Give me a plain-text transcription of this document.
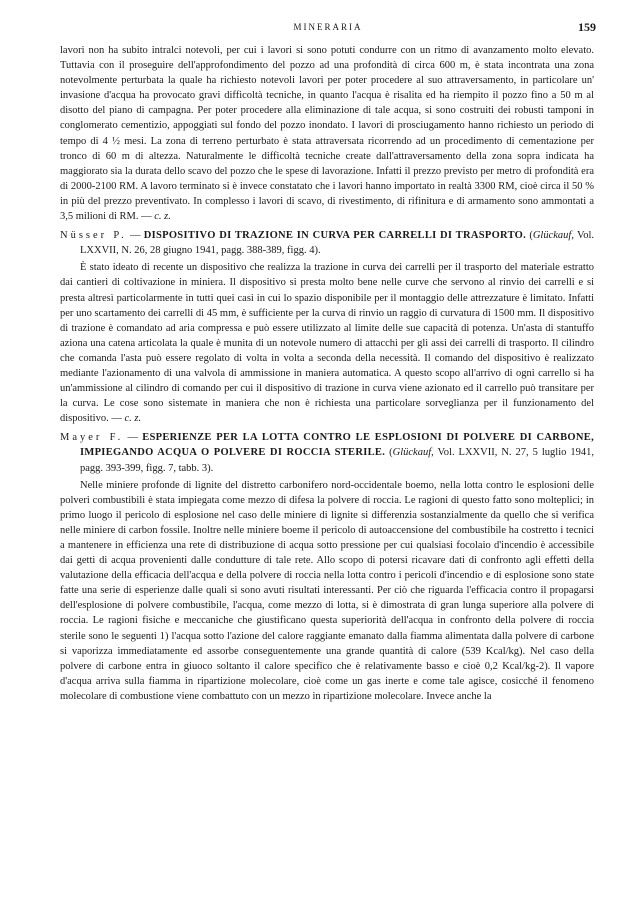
MINERARIA	159

lavori non ha subito intralci notevoli, per cui i lavori si sono potuti condurre con un ritmo di avanzamento molto elevato. Tuttavia con il proseguire dell'approfondimento del pozzo ad una profondità di circa 600 m, è stata incontrata una zona notevolmente perturbata la quale ha richiesto notevoli lavori per poter procedere al suo attraversamento, in particolare un' invasione d'acqua ha provocato gravi difficoltà tecniche, in quanto l'acqua è risalita ed ha riempito il pozzo fino a 50 m al disotto del piano di campagna. Per poter procedere alla eliminazione di tale acqua, si sono costruiti dei robusti tamponi in conglomerato cementizio, appoggiati sul fondo del pozzo inondato. I lavori di prosciugamento hanno richiesto un periodo di tempo di 4 ½ mesi. La zona di terreno perturbato è stata attraversata ricorrendo ad un procedimento di cementazione per tronco di 60 m di altezza. Naturalmente le difficoltà tecniche create dall'attraversamento della zona sopra indicata ha maggiorato sia la durata dello scavo del pozzo che le spese di lavorazione. Infatti il prezzo previsto per metro di profondità era di 2000-2100 RM. A lavoro terminato si è invece constatato che i lavori hanno importato in realtà 3300 RM, cioè circa il 50 % in più del prezzo preventivato. In complesso i lavori di scavo, di rivestimento, di rifinitura e di armamento sono ammontati a 3,5 milioni di RM. — c. z.

Nüsser P. — DISPOSITIVO DI TRAZIONE IN CURVA PER CARRELLI DI TRASPORTO. (Glückauf, Vol. LXXVII, N. 26, 28 giugno 1941, pagg. 388-389, figg. 4).

È stato ideato di recente un dispositivo che realizza la trazione in curva dei carrelli per il trasporto del materiale estratto dai cantieri di coltivazione in miniera. Il dispositivo si presta molto bene nelle curve che servono al rinvio dei carrelli e si presta altresì particolarmente in tutti quei casi in cui lo spazio disponibile per il montaggio delle attrezzature è limitato. Infatti per uno scartamento dei carrelli di 45 mm, è sufficiente per la curva di rinvio un raggio di curvatura di 1500 mm. Il dispositivo di trazione è comandato ad aria compressa e può essere utilizzato al limite delle sue capacità di potenza. Un'asta di stantuffo aziona una catena articolata la quale è munita di un notevole numero di attacchi per gli assi dei carrelli di trasporto. Il cilindro che comanda l'asta può essere regolato di volta in volta a seconda della necessità. Il comando del dispositivo è realizzato mediante l'azionamento di una valvola di ammissione in maniera automatica. A questo scopo all'arrivo di ogni carrello si ha un'ammissione al cilindro di comando per cui il dispositivo di trazione in curva viene azionato ed il carrello può transitare per la curva. Le cose sono sistemate in maniera che non è richiesta una particolare sorveglianza per il funzionamento del dispositivo. — c. z.

Mayer F. — ESPERIENZE PER LA LOTTA CONTRO LE ESPLOSIONI DI POLVERE DI CARBONE, IMPIEGANDO ACQUA O POLVERE DI ROCCIA STERILE. (Glückauf, Vol. LXXVII, N. 27, 5 luglio 1941, pagg. 393-399, figg. 7, tabb. 3).

Nelle miniere profonde di lignite del distretto carbonifero nord-occidentale boemo, nella lotta contro le esplosioni delle polveri combustibili è stata impiegata come mezzo di difesa la polvere di roccia. Le ragioni di questo fatto sono molteplici; in primo luogo il pericolo di esplosione nel caso delle miniere di lignite si differenzia sostanzialmente da quello che si verifica nelle miniere di carbon fossile. Inoltre nelle miniere boeme il pericolo di autoaccensione del combustibile ha costretto i tecnici a mantenere in efficienza una rete di distribuzione di acqua sotto pressione per cui qualsiasi focolaio d'incendio è accessibile dai getti di acqua provenienti dalle condutture di tale rete. Allo scopo di potersi ricavare dati di confronto agli effetti della valutazione della efficacia dell'acqua e della polvere di roccia nella lotta contro i pericoli d'incendio e di esplosione sono state fatte una serie di esperienze dalle quali si sono avuti risultati interessanti. Per ciò che riguarda l'efficacia contro il propagarsi dell'esplosione di polvere combustibile, l'acqua, come mezzo di lotta, si è dimostrata di gran lunga superiore alla polvere di roccia. Le ragioni fisiche e meccaniche che giustificano questa superiorità dell'acqua in confronto della polvere di roccia sterile sono le seguenti 1) l'acqua sotto l'azione del calore raggiante emanato dalla fiamma alimentata dalla polvere di carbone si vaporizza immediatamente ed assorbe conseguentemente una grande quantità di calore (539 Kcal/kg). Nel caso della polvere di carbone entra in giuoco soltanto il calore specifico che è relativamente basso e cioè 0,2 Kcal/kg-2). Il vapore d'acqua arriva sulla fiamma in ripartizione molecolare, cioè come un gas inerte e come tale agisce, cosicché il fenomeno molecolare di combustione viene combattuto con un mezzo in ripartizione molecolare. Invece anche la
